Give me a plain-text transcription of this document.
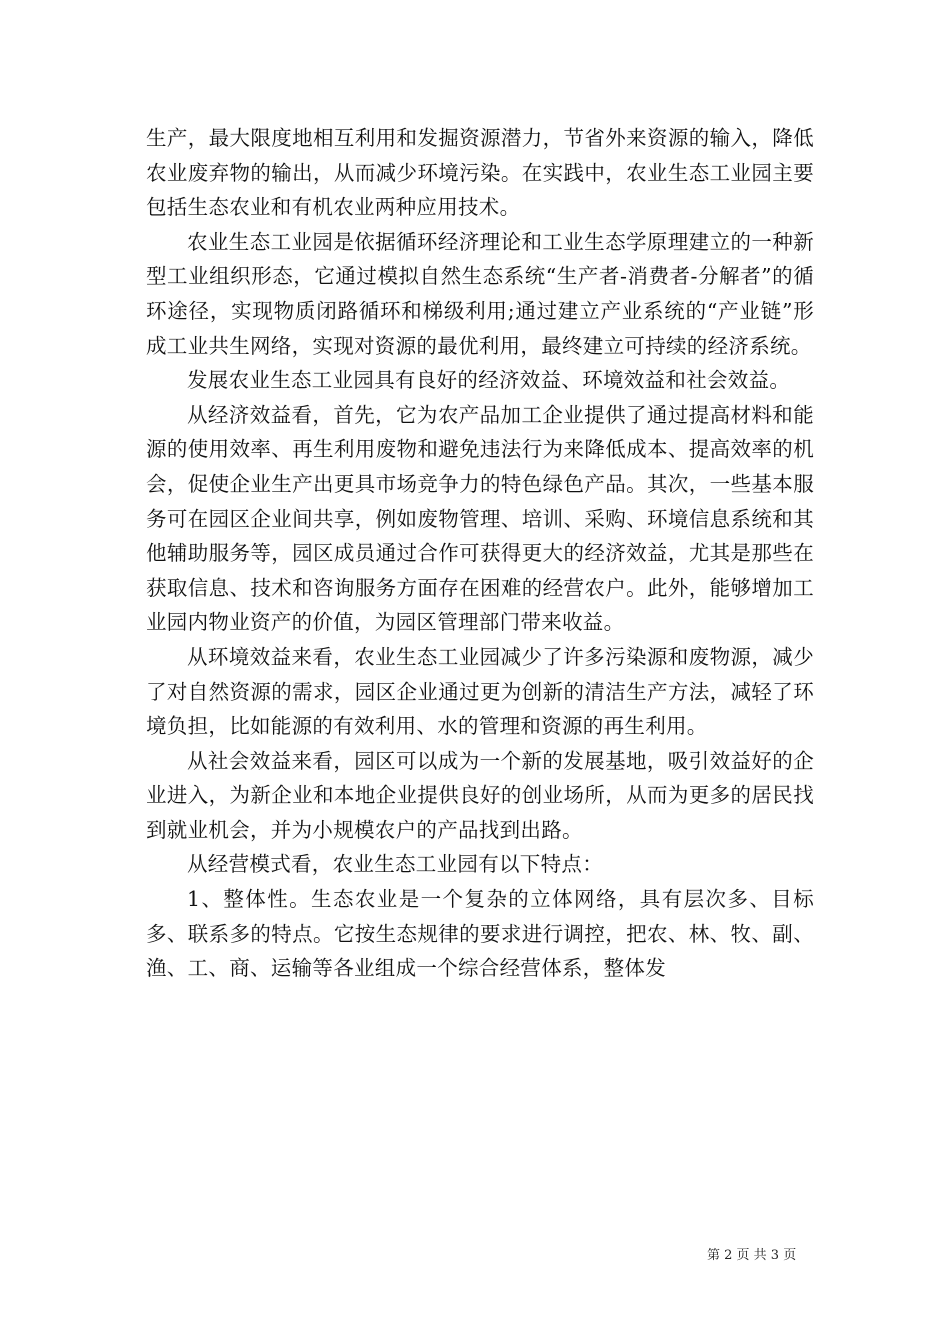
生产，最大限度地相互利用和发掘资源潜力，节省外来资源的输入，降低农业废弃物的输出，从而减少环境污染。在实践中，农业生态工业园主要包括生态农业和有机农业两种应用技术。

农业生态工业园是依据循环经济理论和工业生态学原理建立的一种新型工业组织形态，它通过模拟自然生态系统“生产者-消费者-分解者”的循环途径，实现物质闭路循环和梯级利用;通过建立产业系统的“产业链”形成工业共生网络，实现对资源的最优利用，最终建立可持续的经济系统。

发展农业生态工业园具有良好的经济效益、环境效益和社会效益。

从经济效益看，首先，它为农产品加工企业提供了通过提高材料和能源的使用效率、再生利用废物和避免违法行为来降低成本、提高效率的机会，促使企业生产出更具市场竞争力的特色绿色产品。其次，一些基本服务可在园区企业间共享，例如废物管理、培训、采购、环境信息系统和其他辅助服务等，园区成员通过合作可获得更大的经济效益，尤其是那些在获取信息、技术和咨询服务方面存在困难的经营农户。此外，能够增加工业园内物业资产的价值，为园区管理部门带来收益。

从环境效益来看，农业生态工业园减少了许多污染源和废物源，减少了对自然资源的需求，园区企业通过更为创新的清洁生产方法，减轻了环境负担，比如能源的有效利用、水的管理和资源的再生利用。

从社会效益来看，园区可以成为一个新的发展基地，吸引效益好的企业进入，为新企业和本地企业提供良好的创业场所，从而为更多的居民找到就业机会，并为小规模农户的产品找到出路。

从经营模式看，农业生态工业园有以下特点：

1、整体性。生态农业是一个复杂的立体网络，具有层次多、目标多、联系多的特点。它按生态规律的要求进行调控，把农、林、牧、副、渔、工、商、运输等各业组成一个综合经营体系，整体发

第 2 页 共 3 页
